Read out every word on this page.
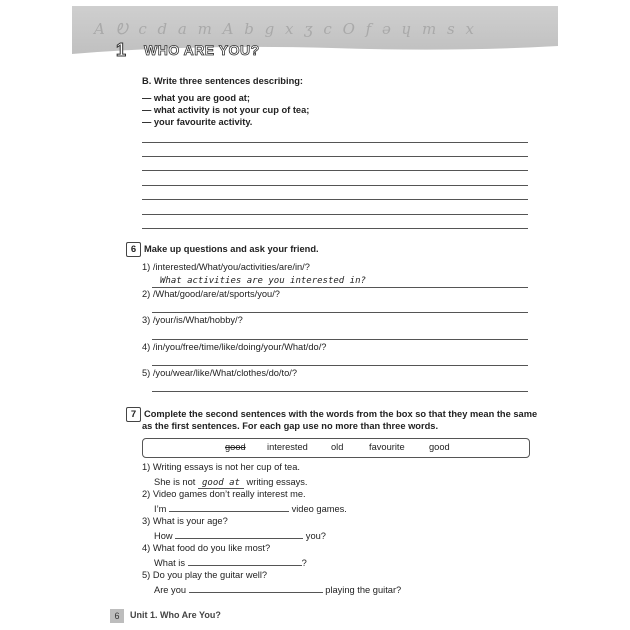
A Ꭷ c d a m A b g x ʒ c O f ǝ ɥ m s x
1 WHO ARE YOU?
B. Write three sentences describing:
— what you are good at;
— what activity is not your cup of tea;
— your favourite activity.
6 Make up questions and ask your friend.
1) /interested/What/you/activities/are/in/?
What activities are you interested in?
2) /What/good/are/at/sports/you/?
3) /your/is/What/hobby/?
4) /in/you/free/time/like/doing/your/What/do/?
5) /you/wear/like/What/clothes/do/to/?
7 Complete the second sentences with the words from the box so that they mean the same
as the first sentences. For each gap use no more than three words.
good interested old	favourite	good
1) Writing essays is not her cup of tea.
She is not good at writing essays.
2) Video games don’t really interest me.
I’m	video games.
3) What is your age?
How	you?
4) What food do you like most?
What is	?
5) Do you play the guitar well?
Are you	playing the guitar?
6	Unit 1. Who Are You?
